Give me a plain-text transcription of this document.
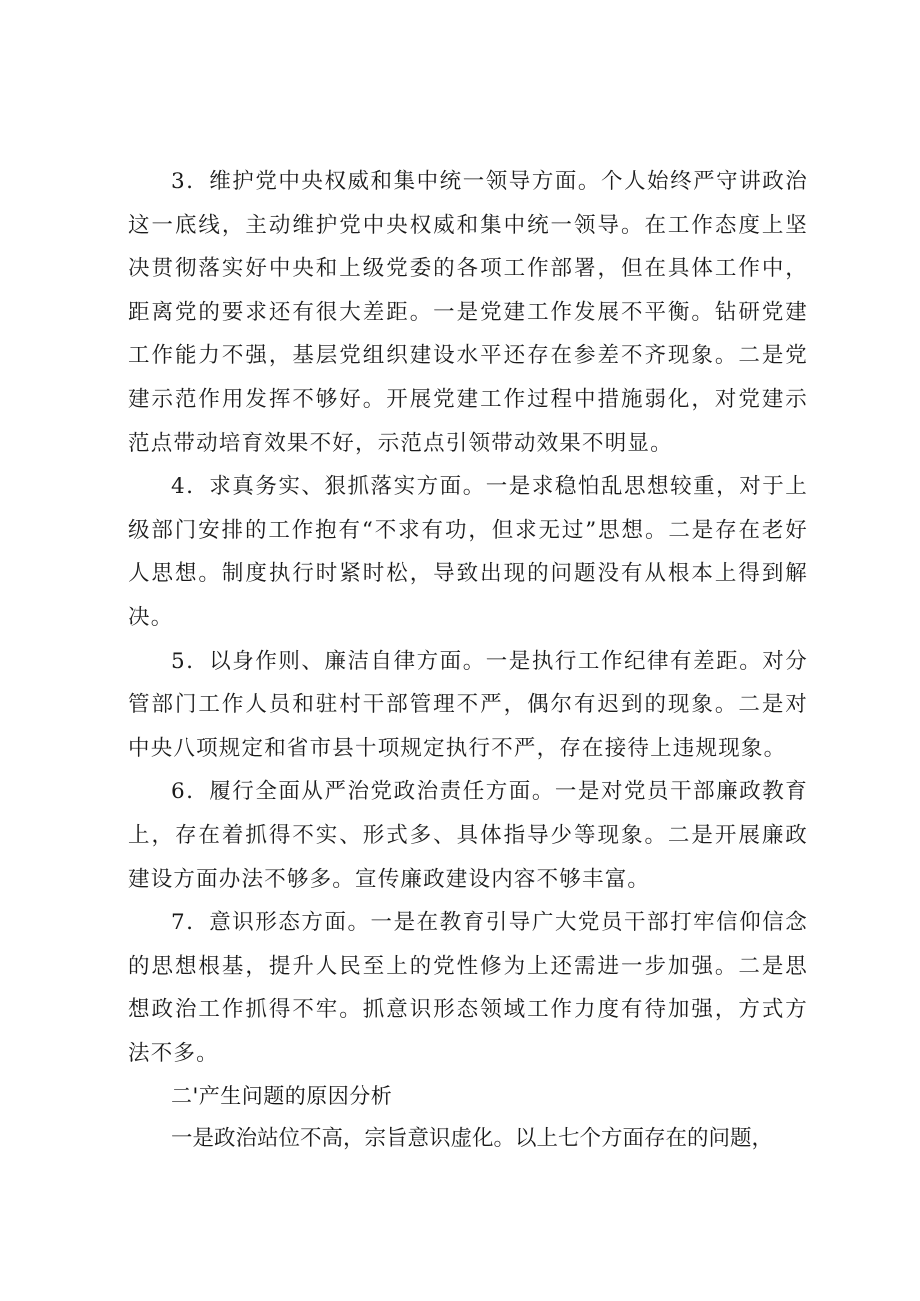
3．维护党中央权威和集中统一领导方面。个人始终严守讲政治这一底线，主动维护党中央权威和集中统一领导。在工作态度上坚决贯彻落实好中央和上级党委的各项工作部署，但在具体工作中，距离党的要求还有很大差距。一是党建工作发展不平衡。钻研党建工作能力不强，基层党组织建设水平还存在参差不齐现象。二是党建示范作用发挥不够好。开展党建工作过程中措施弱化，对党建示范点带动培育效果不好，示范点引领带动效果不明显。

4．求真务实、狠抓落实方面。一是求稳怕乱思想较重，对于上级部门安排的工作抱有“不求有功，但求无过”思想。二是存在老好人思想。制度执行时紧时松，导致出现的问题没有从根本上得到解决。

5．以身作则、廉洁自律方面。一是执行工作纪律有差距。对分管部门工作人员和驻村干部管理不严，偶尔有迟到的现象。二是对中央八项规定和省市县十项规定执行不严，存在接待上违规现象。

6．履行全面从严治党政治责任方面。一是对党员干部廉政教育上，存在着抓得不实、形式多、具体指导少等现象。二是开展廉政建设方面办法不够多。宣传廉政建设内容不够丰富。

7．意识形态方面。一是在教育引导广大党员干部打牢信仰信念的思想根基，提升人民至上的党性修为上还需进一步加强。二是思想政治工作抓得不牢。抓意识形态领域工作力度有待加强，方式方法不多。

二'产生问题的原因分析

一是政治站位不高，宗旨意识虚化。以上七个方面存在的问题，
